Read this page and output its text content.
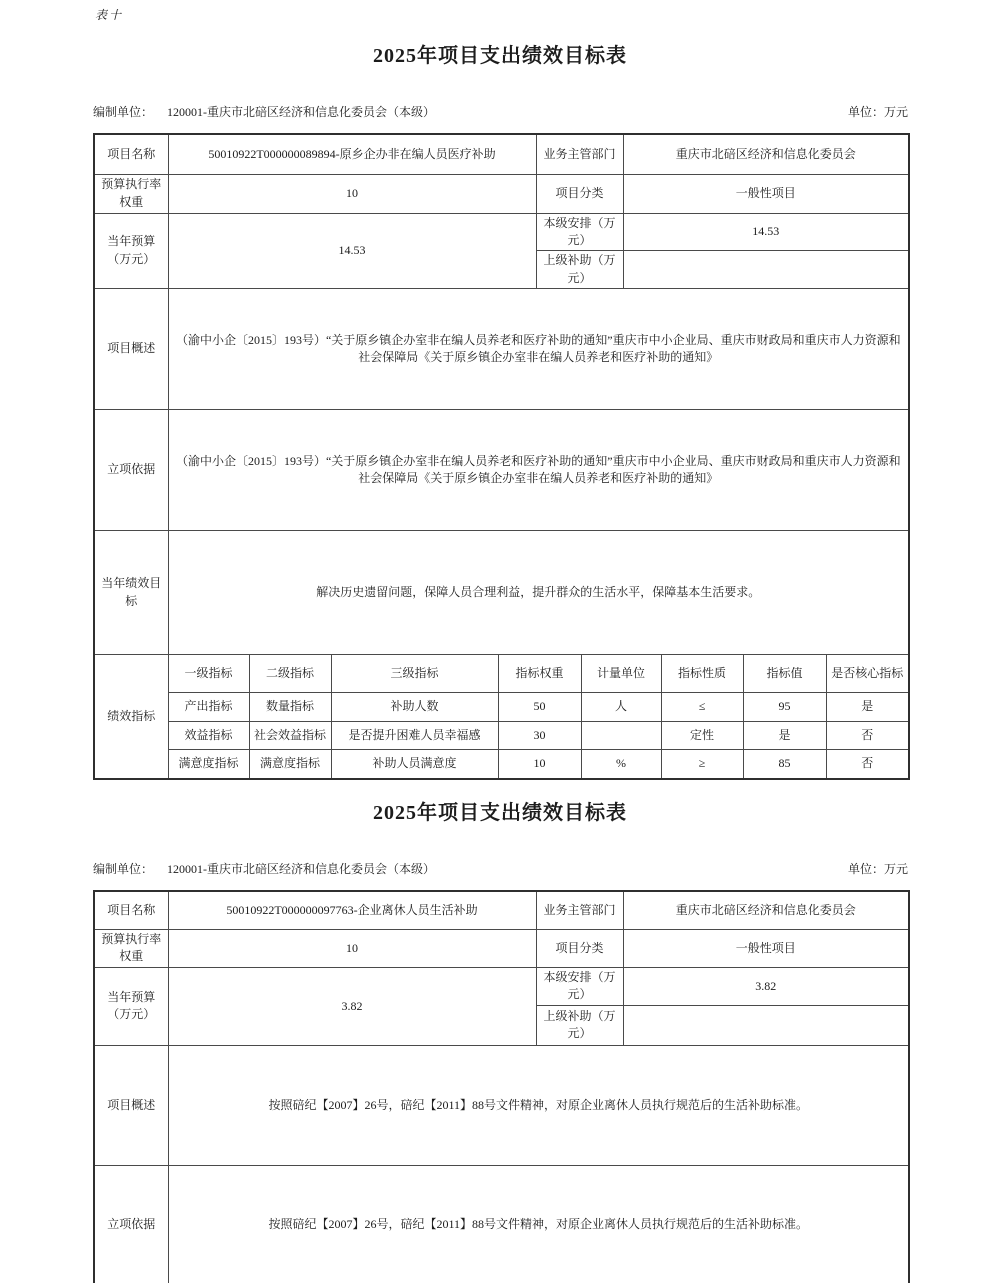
表十
2025年项目支出绩效目标表
编制单位： 120001-重庆市北碚区经济和信息化委员会（本级）	单位：万元
项目名称	50010922T000000089894-原乡企办非在编人员医疗补助				业务主管部门		重庆市北碚区经济和信息化委员会			
预算执行率权重	10				项目分类		一般性项目			
当年预算（万元）	14.53				本级安排（万元）		14.53			
					上级补助（万元）					
项目概述	（渝中小企〔2015〕193号）“关于原乡镇企办室非在编人员养老和医疗补助的通知”重庆市中小企业局、重庆市财政局和重庆市人力资源和社会保障局《关于原乡镇企办室非在编人员养老和医疗补助的通知》									
立项依据	（渝中小企〔2015〕193号）“关于原乡镇企办室非在编人员养老和医疗补助的通知”重庆市中小企业局、重庆市财政局和重庆市人力资源和社会保障局《关于原乡镇企办室非在编人员养老和医疗补助的通知》									
当年绩效目标	解决历史遗留问题，保障人员合理利益，提升群众的生活水平，保障基本生活要求。									
绩效指标	一级指标	二级指标	三级指标	指标权重		计量单位		指标性质	指标值	是否核心指标
	产出指标	数量指标	补助人数	50		人		≤	95	是
	效益指标	社会效益指标	是否提升困难人员幸福感	30				定性	是	否
	满意度指标	满意度指标	补助人员满意度	10		%		≥	85	否
2025年项目支出绩效目标表
编制单位： 120001-重庆市北碚区经济和信息化委员会（本级）	单位：万元
项目名称	50010922T000000097763-企业离休人员生活补助	业务主管部门	重庆市北碚区经济和信息化委员会
预算执行率权重	10	项目分类	一般性项目
当年预算（万元）	3.82	本级安排（万元）	3.82
		上级补助（万元）	
项目概述	按照碚纪【2007】26号，碚纪【2011】88号文件精神，对原企业离休人员执行规范后的生活补助标准。		
立项依据	按照碚纪【2007】26号，碚纪【2011】88号文件精神，对原企业离休人员执行规范后的生活补助标准。		
